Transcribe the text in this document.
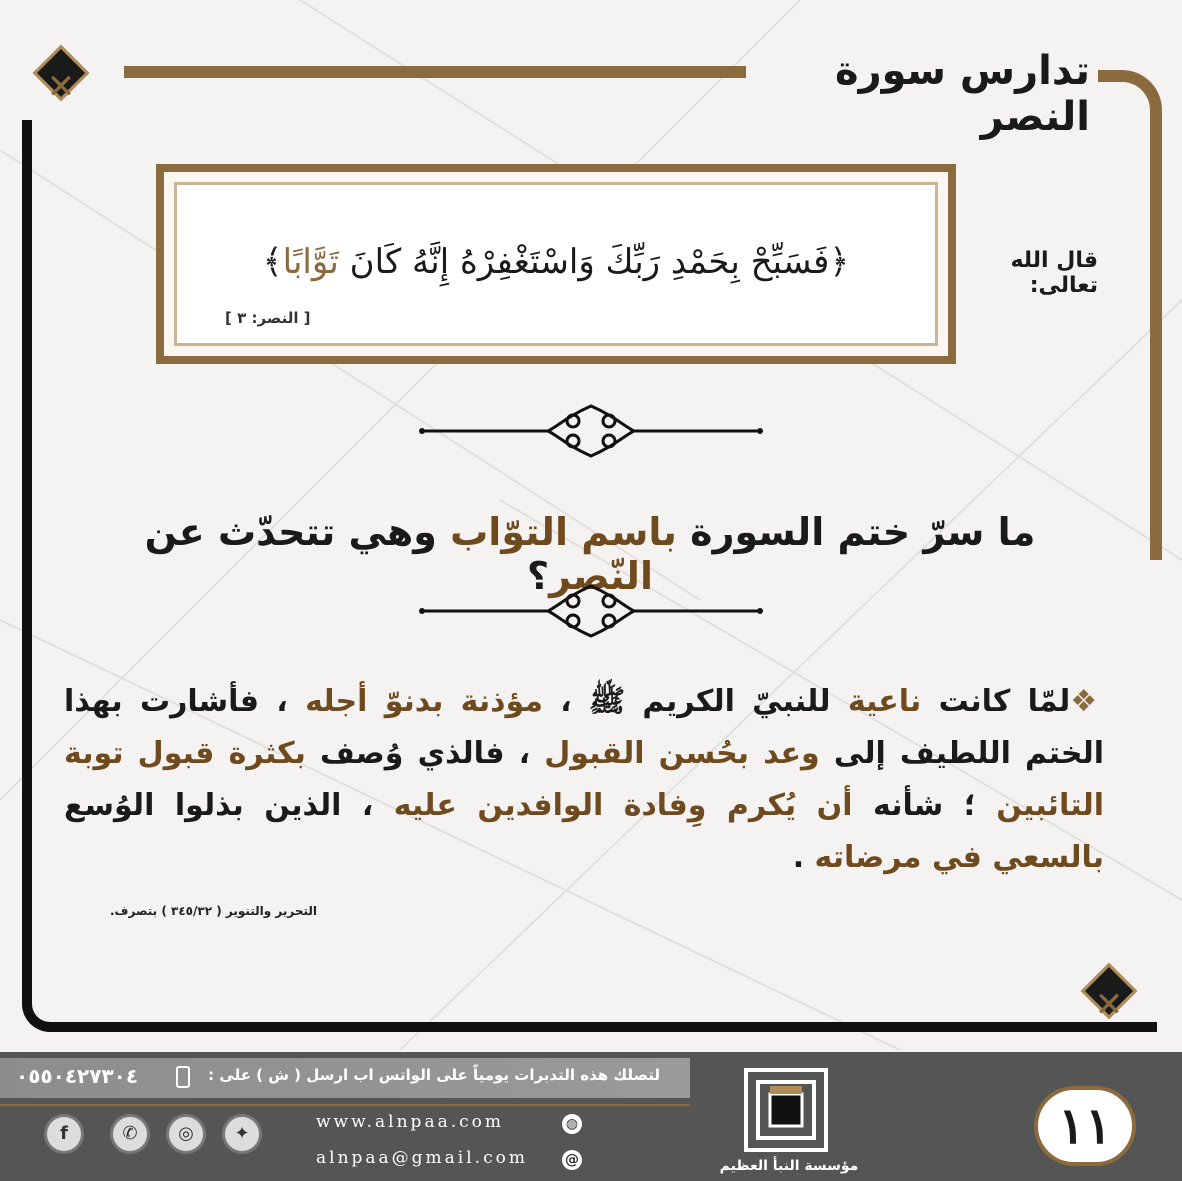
تدارس سورة النصر
✕
✕
قال الله تعالى:
﴿فَسَبِّحْ بِحَمْدِ رَبِّكَ وَاسْتَغْفِرْهُ إِنَّهُ كَانَ تَوَّابًا﴾
[ النصر: ٣ ]
ما سرّ ختم السورة باسم التوّاب وهي تتحدّث عن النّصر؟
❖لمّا كانت ناعية للنبيّ الكريم ﷺ ، مؤذنة بدنوّ أجله ، فأشارت بهذا الختم اللطيف إلى وعد بحُسن القبول ، فالذي وُصف بكثرة قبول توبة التائبين ؛ شأنه أن يُكرم وِفادة الوافدين عليه ، الذين بذلوا الوُسع بالسعي في مرضاته .
التحرير والتنوير ( ٣٤٥/٣٢ ) بتصرف.
لتصلك هذه التدبرات يومياً على الواتس اب ارسل ( ش ) على :
٠٥٥٠٤٢٧٣٠٤
f	✆	◎	✦
www.alnpaa.com	◍
alnpaa@gmail.com	@	مؤسسة النبأ العظيم
١١
